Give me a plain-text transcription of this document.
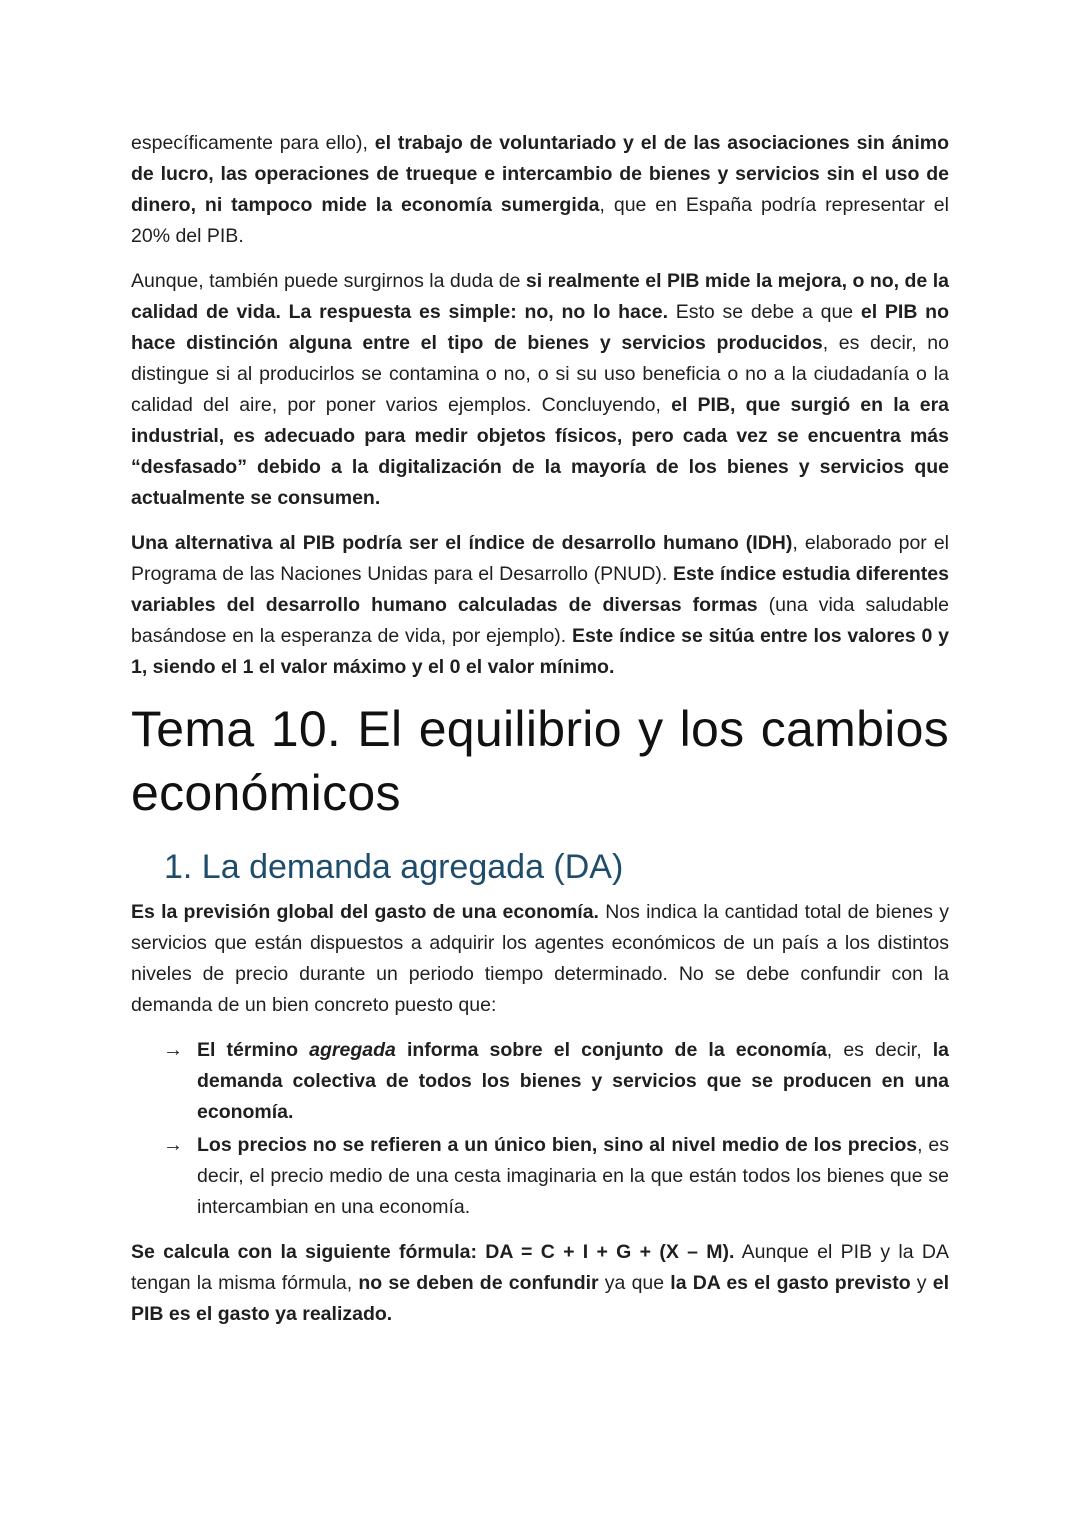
específicamente para ello), el trabajo de voluntariado y el de las asociaciones sin ánimo de lucro, las operaciones de trueque e intercambio de bienes y servicios sin el uso de dinero, ni tampoco mide la economía sumergida, que en España podría representar el 20% del PIB.

Aunque, también puede surgirnos la duda de si realmente el PIB mide la mejora, o no, de la calidad de vida. La respuesta es simple: no, no lo hace. Esto se debe a que el PIB no hace distinción alguna entre el tipo de bienes y servicios producidos, es decir, no distingue si al producirlos se contamina o no, o si su uso beneficia o no a la ciudadanía o la calidad del aire, por poner varios ejemplos. Concluyendo, el PIB, que surgió en la era industrial, es adecuado para medir objetos físicos, pero cada vez se encuentra más “desfasado” debido a la digitalización de la mayoría de los bienes y servicios que actualmente se consumen.

Una alternativa al PIB podría ser el índice de desarrollo humano (IDH), elaborado por el Programa de las Naciones Unidas para el Desarrollo (PNUD). Este índice estudia diferentes variables del desarrollo humano calculadas de diversas formas (una vida saludable basándose en la esperanza de vida, por ejemplo). Este índice se sitúa entre los valores 0 y 1, siendo el 1 el valor máximo y el 0 el valor mínimo.

Tema 10. El equilibrio y los cambios económicos
1. La demanda agregada (DA)

Es la previsión global del gasto de una economía. Nos indica la cantidad total de bienes y servicios que están dispuestos a adquirir los agentes económicos de un país a los distintos niveles de precio durante un periodo tiempo determinado. No se debe confundir con la demanda de un bien concreto puesto que:

→ El término agregada informa sobre el conjunto de la economía, es decir, la demanda colectiva de todos los bienes y servicios que se producen en una economía.
→ Los precios no se refieren a un único bien, sino al nivel medio de los precios, es decir, el precio medio de una cesta imaginaria en la que están todos los bienes que se intercambian en una economía.

Se calcula con la siguiente fórmula: DA = C + I + G + (X – M). Aunque el PIB y la DA tengan la misma fórmula, no se deben de confundir ya que la DA es el gasto previsto y el PIB es el gasto ya realizado.
